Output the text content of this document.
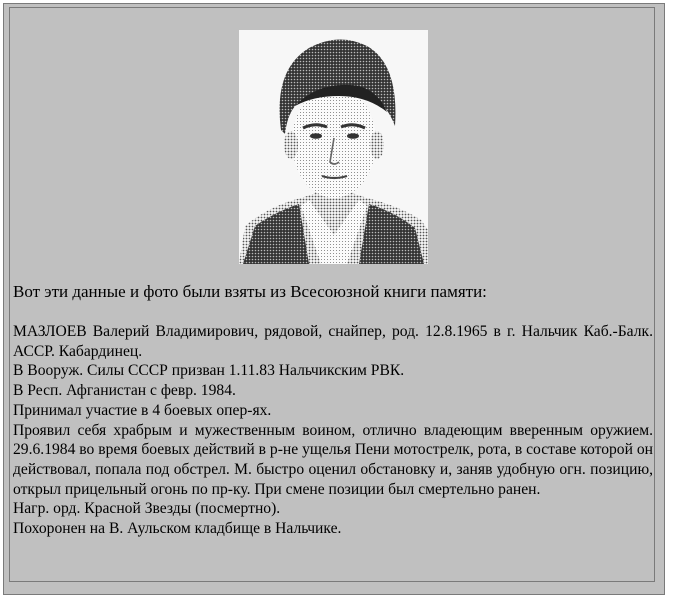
Вот эти данные и фото были взяты из Всесоюзной книги памяти:

МАЗЛОЕВ Валерий Владимирович, рядовой, снайпер, род. 12.8.1965 в г. Нальчик Каб.-Балк. АССР. Кабардинец.

В Вооруж. Силы СССР призван 1.11.83 Нальчикским РВК.

В Респ. Афганистан с февр. 1984.

Принимал участие в 4 боевых опер-ях.

Проявил себя храбрым и мужественным воином, отлично владеющим вверенным оружием. 29.6.1984 во время боевых действий в р-не ущелья Пени мотострелк, рота, в составе которой он действовал, попала под обстрел. М. быстро оценил обстановку и, заняв удобную огн. позицию, открыл прицельный огонь по пр-ку. При смене позиции был смертельно ранен.

Нагр. орд. Красной Звезды (посмертно).

Похоронен на В. Аульском кладбище в Нальчике.
